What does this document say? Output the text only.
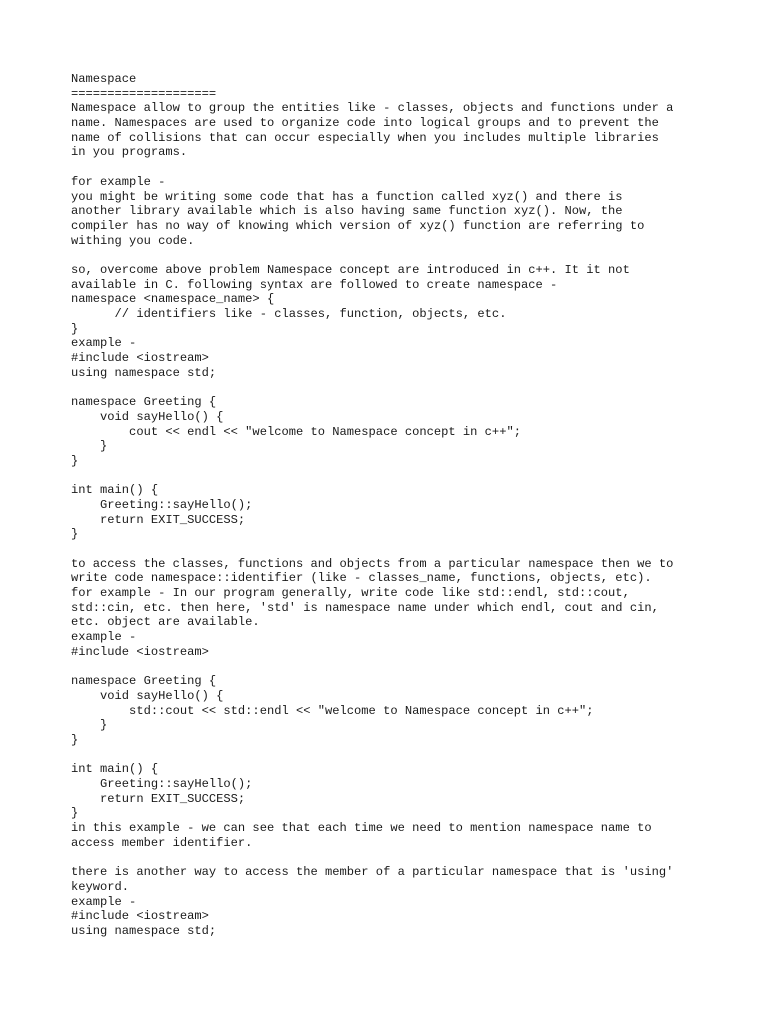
Namespace
====================
Namespace allow to group the entities like - classes, objects and functions under a
name. Namespaces are used to organize code into logical groups and to prevent the
name of collisions that can occur especially when you includes multiple libraries
in you programs.
for example -
you might be writing some code that has a function called xyz() and there is
another library available which is also having same function xyz(). Now, the
compiler has no way of knowing which version of xyz() function are referring to
withing you code.
so, overcome above problem Namespace concept are introduced in c++. It it not
available in C. following syntax are followed to create namespace -
namespace <namespace_name> {
// identifiers like - classes, function, objects, etc.
}
example -
#include <iostream>
using namespace std;
namespace Greeting {
void sayHello() {
cout << endl << "welcome to Namespace concept in c++";
}
}
int main() {
Greeting::sayHello();
return EXIT_SUCCESS;
}
to access the classes, functions and objects from a particular namespace then we to
write code namespace::identifier (like - classes_name, functions, objects, etc).
for example - In our program generally, write code like std::endl, std::cout,
std::cin, etc. then here, 'std' is namespace name under which endl, cout and cin,
etc. object are available.
example -
#include <iostream>
namespace Greeting {
void sayHello() {
std::cout << std::endl << "welcome to Namespace concept in c++";
}
}
int main() {
Greeting::sayHello();
return EXIT_SUCCESS;
}
in this example - we can see that each time we need to mention namespace name to
access member identifier.
there is another way to access the member of a particular namespace that is 'using'
keyword.
example -
#include <iostream>
using namespace std;
